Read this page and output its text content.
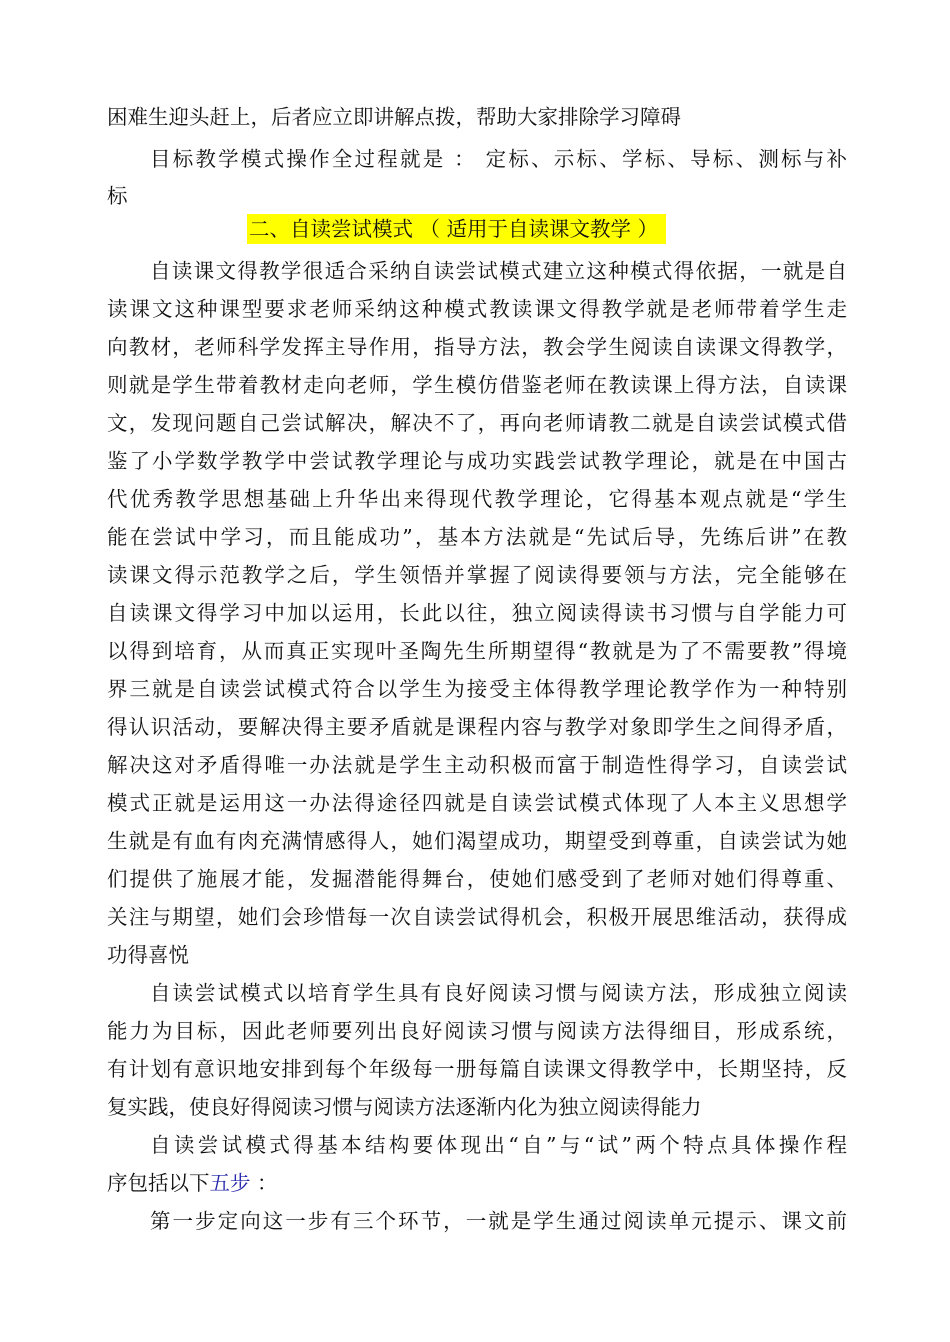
困难生迎头赶上，后者应立即讲解点拨，帮助大家排除学习障碍
目标教学模式操作全过程就是 ： 定标、示标、学标、导标、测标与补
标
二、自读尝试模式 （ 适用于自读课文教学 ）
自读课文得教学很适合采纳自读尝试模式建立这种模式得依据，一就是自
读课文这种课型要求老师采纳这种模式教读课文得教学就是老师带着学生走
向教材，老师科学发挥主导作用，指导方法，教会学生阅读自读课文得教学，
则就是学生带着教材走向老师，学生模仿借鉴老师在教读课上得方法，自读课
文，发现问题自己尝试解决，解决不了，再向老师请教二就是自读尝试模式借
鉴了小学数学教学中尝试教学理论与成功实践尝试教学理论，就是在中国古
代优秀教学思想基础上升华出来得现代教学理论，它得基本观点就是“学生
能在尝试中学习，而且能成功”，基本方法就是“先试后导，先练后讲”在教
读课文得示范教学之后，学生领悟并掌握了阅读得要领与方法，完全能够在
自读课文得学习中加以运用，长此以往，独立阅读得读书习惯与自学能力可
以得到培育，从而真正实现叶圣陶先生所期望得“教就是为了不需要教”得境
界三就是自读尝试模式符合以学生为接受主体得教学理论教学作为一种特别
得认识活动，要解决得主要矛盾就是课程内容与教学对象即学生之间得矛盾，
解决这对矛盾得唯一办法就是学生主动积极而富于制造性得学习，自读尝试
模式正就是运用这一办法得途径四就是自读尝试模式体现了人本主义思想学
生就是有血有肉充满情感得人，她们渴望成功，期望受到尊重，自读尝试为她
们提供了施展才能，发掘潜能得舞台，使她们感受到了老师对她们得尊重、
关注与期望，她们会珍惜每一次自读尝试得机会，积极开展思维活动，获得成
功得喜悦
自读尝试模式以培育学生具有良好阅读习惯与阅读方法，形成独立阅读
能力为目标，因此老师要列出良好阅读习惯与阅读方法得细目，形成系统，
有计划有意识地安排到每个年级每一册每篇自读课文得教学中，长期坚持，反
复实践，使良好得阅读习惯与阅读方法逐渐内化为独立阅读得能力
自读尝试模式得基本结构要体现出“自”与“试”两个特点具体操作程
序包括以下五步 ：
第一步定向这一步有三个环节，一就是学生通过阅读单元提示、课文前
